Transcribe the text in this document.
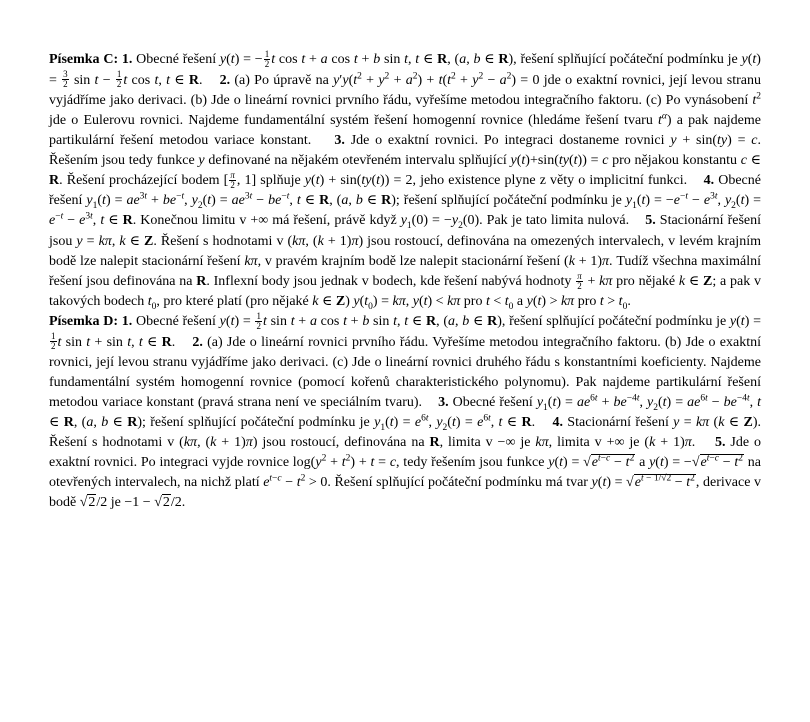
Písemka C: 1. Obecné řešení y(t) = − $\frac{1}{2}$ t cos t + a cos t + b sin t, t ∈ R, (a, b ∈ R), řešení splňující počáteční podmínku je $y(t) = \frac{3}{2}$ $\sin t - \frac{1}{2}$ t cos t, t ∈ R.    2. (a) Po úpravě na $y'y(t^2 + y^2 + a^2) + t(t^2 + y^2 - a^2) = 0$ jde o exaktní rovnici, její levou stranu vyjádříme jako derivaci. (b) Jde o lineární rovnici prvního řádu, vyřešíme metodou integračního faktoru. (c) Po vynásobení $t^2$ jde o Eulerovu rovnici. Najdeme fundamentální systém řešení homogenní rovnice (hledáme řešení tvaru $t^\alpha$) a pak najdeme partikulární řešení metodou variace konstant.    3. Jde o exaktní rovnici. Po integraci dostaneme rovnici y + sin(ty) = c. Řešením jsou tedy funkce y definované na nějakém otevřeném intervalu splňující y(t)+sin(ty(t)) = c pro nějakou konstantu c ∈ R. Řešení procházející bodem [ $\frac{\pi}{2}$ , 1] splňuje y(t) + sin(ty(t)) = 2, jeho existence plyne z věty o implicitní funkci.    4. Obecné řešení $y_1(t) = ae^{3t} + be^{-t}$, $y_2(t) = ae^{3t} - be^{-t}$, t ∈ R, (a, b ∈ R); řešení splňující počáteční podmínku je $y_1(t) = -e^{-t} - e^{3t}$, $y_2(t) = e^{-t} - e^{3t}$, t ∈ R. Konečnou limitu v +∞ má řešení, právě když $y_1(0) = -y_2(0)$. Pak je tato limita nulová.    5. Stacionární řešení jsou y = kπ, k ∈ Z. Řešení s hodnotami v (kπ, (k + 1)π) jsou rostoucí, definována na omezených intervalech, v levém krajním bodě lze nalepit stacionární řešení kπ, v pravém krajním bodě lze nalepit stacionární řešení (k + 1)π. Tudíž všechna maximální řešení jsou definována na R. Inflexní body jsou jednak v bodech, kde řešení nabývá hodnoty $\frac{\pi}{2} + k\pi$ pro nějaké k ∈ Z; a pak v takových bodech $t_0$, pro které platí (pro nějaké k ∈ Z) $y(t_0) = k\pi$, y(t) < kπ pro $t < t_0$ a y(t) > kπ pro $t > t_0$.

Písemka D: 1. Obecné řešení $y(t) = \frac{1}{2}$ t sin t + a cos t + b sin t, t ∈ R, (a, b ∈ R), řešení splňující počáteční podmínku je y(t) =
$\frac{1}{2}$ t sin t + sin t, t ∈ R.    2. (a) Jde o lineární rovnici prvního řádu. Vyřešíme metodou integračního faktoru. (b) Jde o exaktní rovnici, její levou stranu vyjádříme jako derivaci. (c) Jde o lineární rovnici druhého řádu s konstantními koeficienty. Najdeme fundamentální systém homogenní rovnice (pomocí kořenů charakteristického polynomu). Pak najdeme partikulární řešení metodou variace konstant (pravá strana není ve speciálním tvaru).    3. Obecné řešení $y_1(t) = ae^{6t} + be^{-4t}$, $y_2(t) = ae^{6t} - be^{-4t}$, t ∈ R, (a, b ∈ R); řešení splňující počáteční podmínku je $y_1(t) = e^{6t}$, $y_2(t) = e^{6t}$, t ∈ R.    4. Stacionární řešení y = kπ (k ∈ Z). Řešení s hodnotami v (kπ, (k + 1)π) jsou rostoucí, definována na R, limita v −∞ je kπ, limita v +∞ je (k + 1)π.    5. Jde o exaktní rovnici. Po integraci vyjde rovnice $\log(y^2 + t^2) + t = c$, tedy řešením jsou funkce $y(t) = √e^{t-c} - t^2$ a $y(t) = -√e^{t-c} - t^2$ na otevřených intervalech, na nichž platí $e^{t-c} - t^2 > 0$. Řešení splňující počáteční podmínku má tvar $y(t) = √e^{t - 1/√2} - t^2$, derivace v bodě √2/2 je −1 − √2/2.
